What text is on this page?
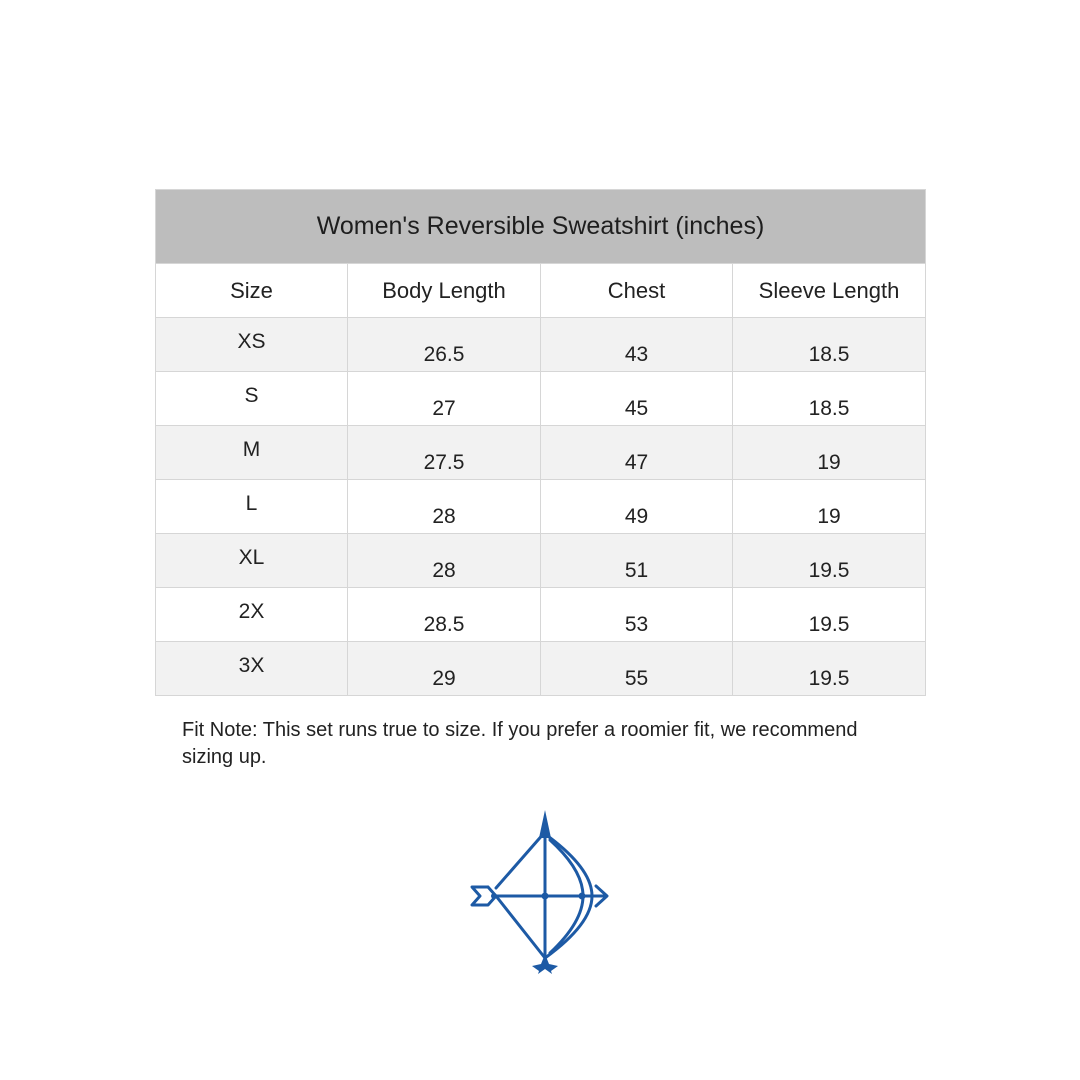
Women's Reversible Sweatshirt (inches)			
Size	Body Length	Chest	Sleeve Length
XS	26.5	43	18.5
S	27	45	18.5
M	27.5	47	19
L	28	49	19
XL	28	51	19.5
2X	28.5	53	19.5
3X	29	55	19.5
Fit Note: This set runs true to size. If you prefer a roomier fit, we recommend sizing up.
